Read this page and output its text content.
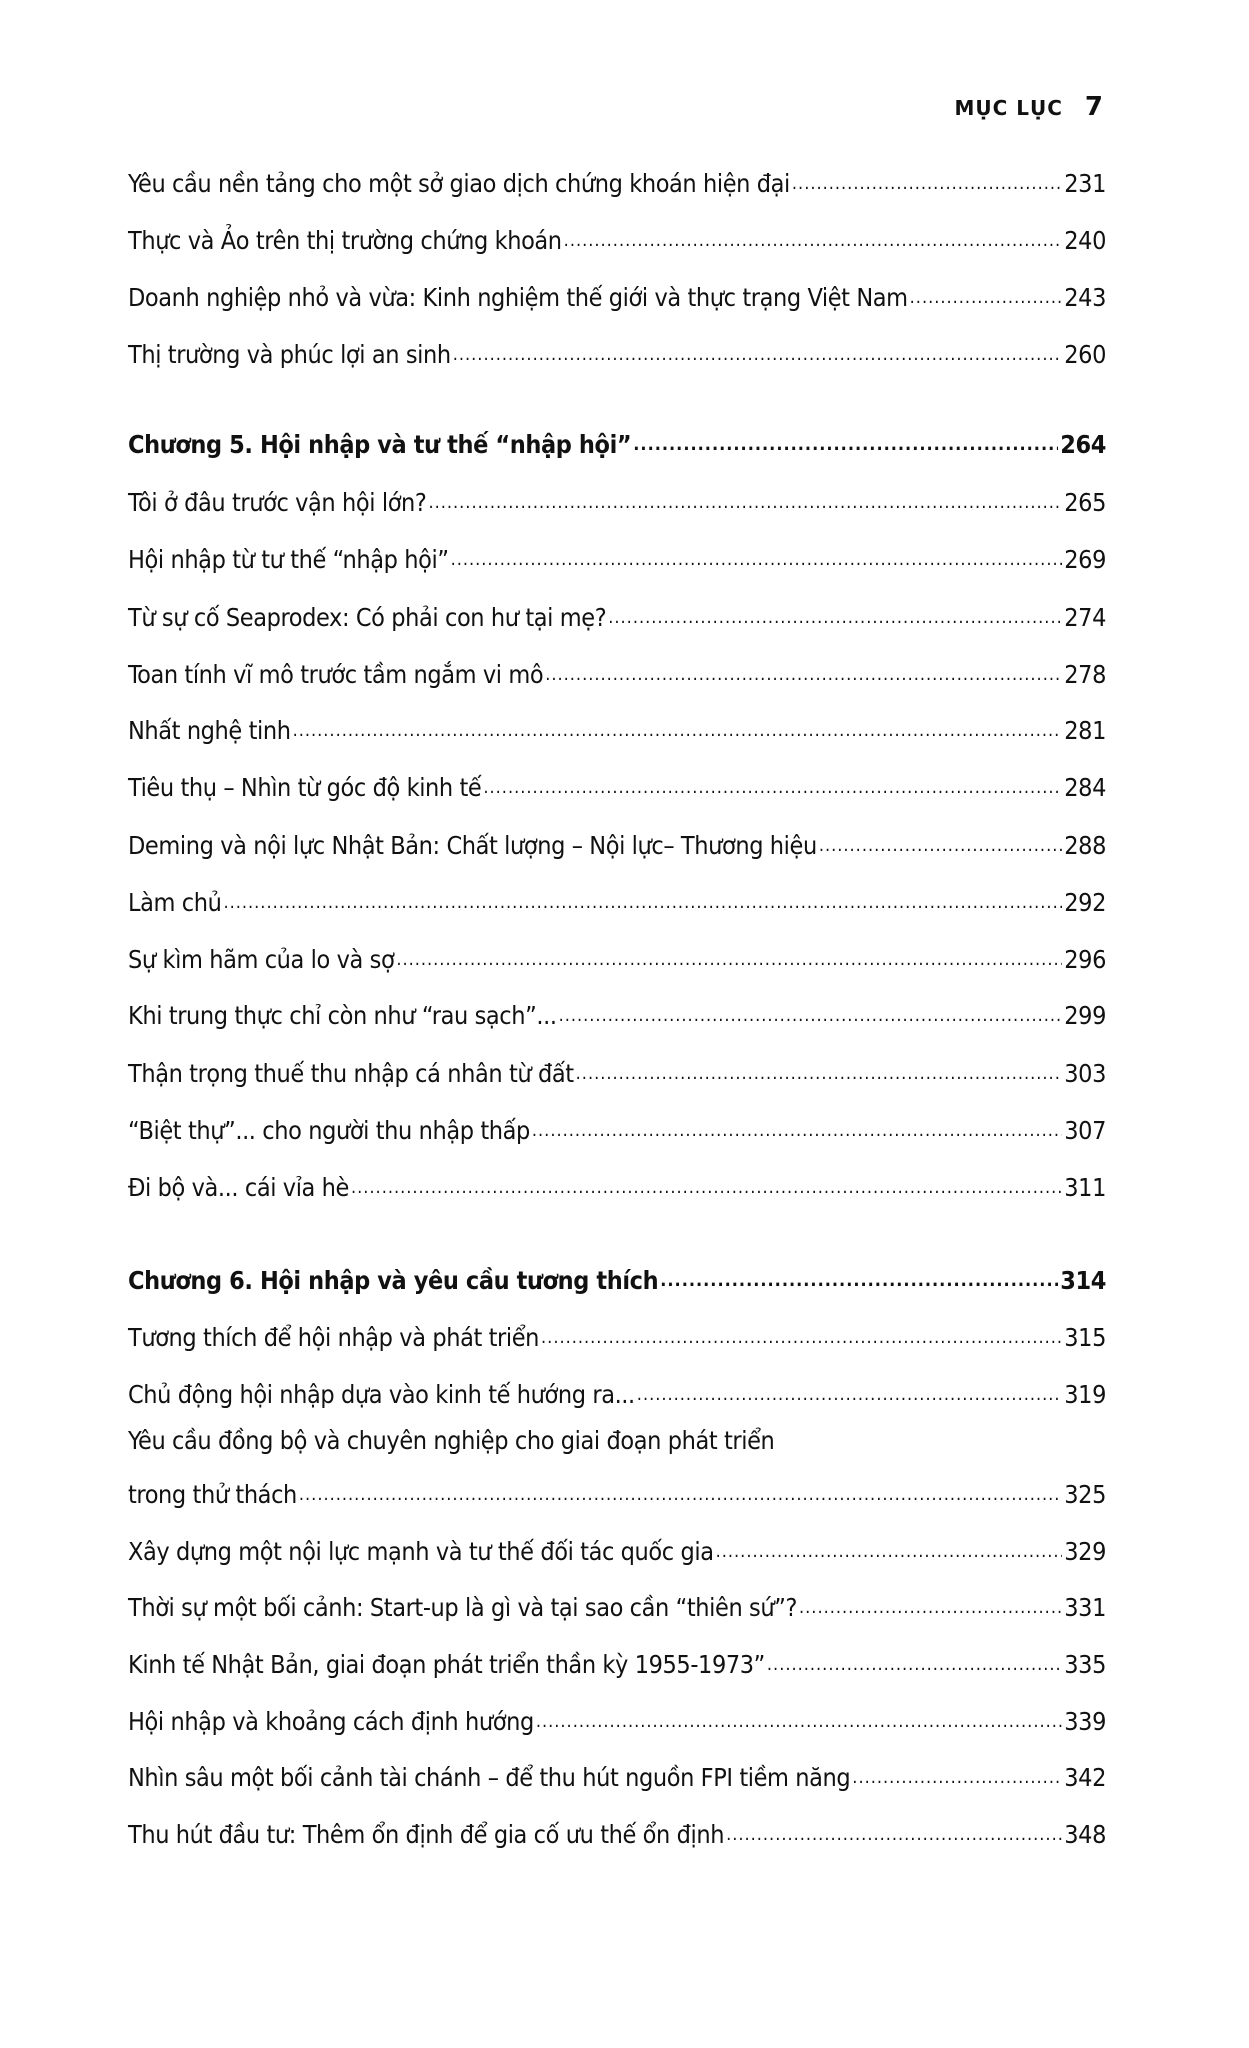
MỤC LỤC 7
Yêu cầu nền tảng cho một sở giao dịch chứng khoán hiện đại .....	231
Thực và Ảo trên thị trường chứng khoán .....	240
Doanh nghiệp nhỏ và vừa: Kinh nghiệm thế giới và thực trạng Việt Nam .....	243
Thị trường và phúc lợi an sinh .....	260
Chương 5. Hội nhập và tư thế “nhập hội” .....	264
Tôi ở đâu trước vận hội lớn? .....	265
Hội nhập từ tư thế “nhập hội” .....	269
Từ sự cố Seaprodex: Có phải con hư tại mẹ? .....	274
Toan tính vĩ mô trước tầm ngắm vi mô .....	278
Nhất nghệ tinh .....	281
Tiêu thụ – Nhìn từ góc độ kinh tế .....	284
Deming và nội lực Nhật Bản: Chất lượng – Nội lực– Thương hiệu .....	288
Làm chủ .....	292
Sự kìm hãm của lo và sợ .....	296
Khi trung thực chỉ còn như “rau sạch”... .....	299
Thận trọng thuế thu nhập cá nhân từ đất .....	303
“Biệt thự”... cho người thu nhập thấp .....	307
Đi bộ và... cái vỉa hè .....	311
Chương 6. Hội nhập và yêu cầu tương thích .....	314
Tương thích để hội nhập và phát triển .....	315
Chủ động hội nhập dựa vào kinh tế hướng ra... .....	319
Yêu cầu đồng bộ và chuyên nghiệp cho giai đoạn phát triển
trong thử thách .....	325
Xây dựng một nội lực mạnh và tư thế đối tác quốc gia .....	329
Thời sự một bối cảnh: Start-up là gì và tại sao cần “thiên sứ”? .....	331
Kinh tế Nhật Bản, giai đoạn phát triển thần kỳ 1955-1973” .....	335
Hội nhập và khoảng cách định hướng .....	339
Nhìn sâu một bối cảnh tài chánh – để thu hút nguồn FPI tiềm năng .....	342
Thu hút đầu tư: Thêm ổn định để gia cố ưu thế ổn định .....	348
